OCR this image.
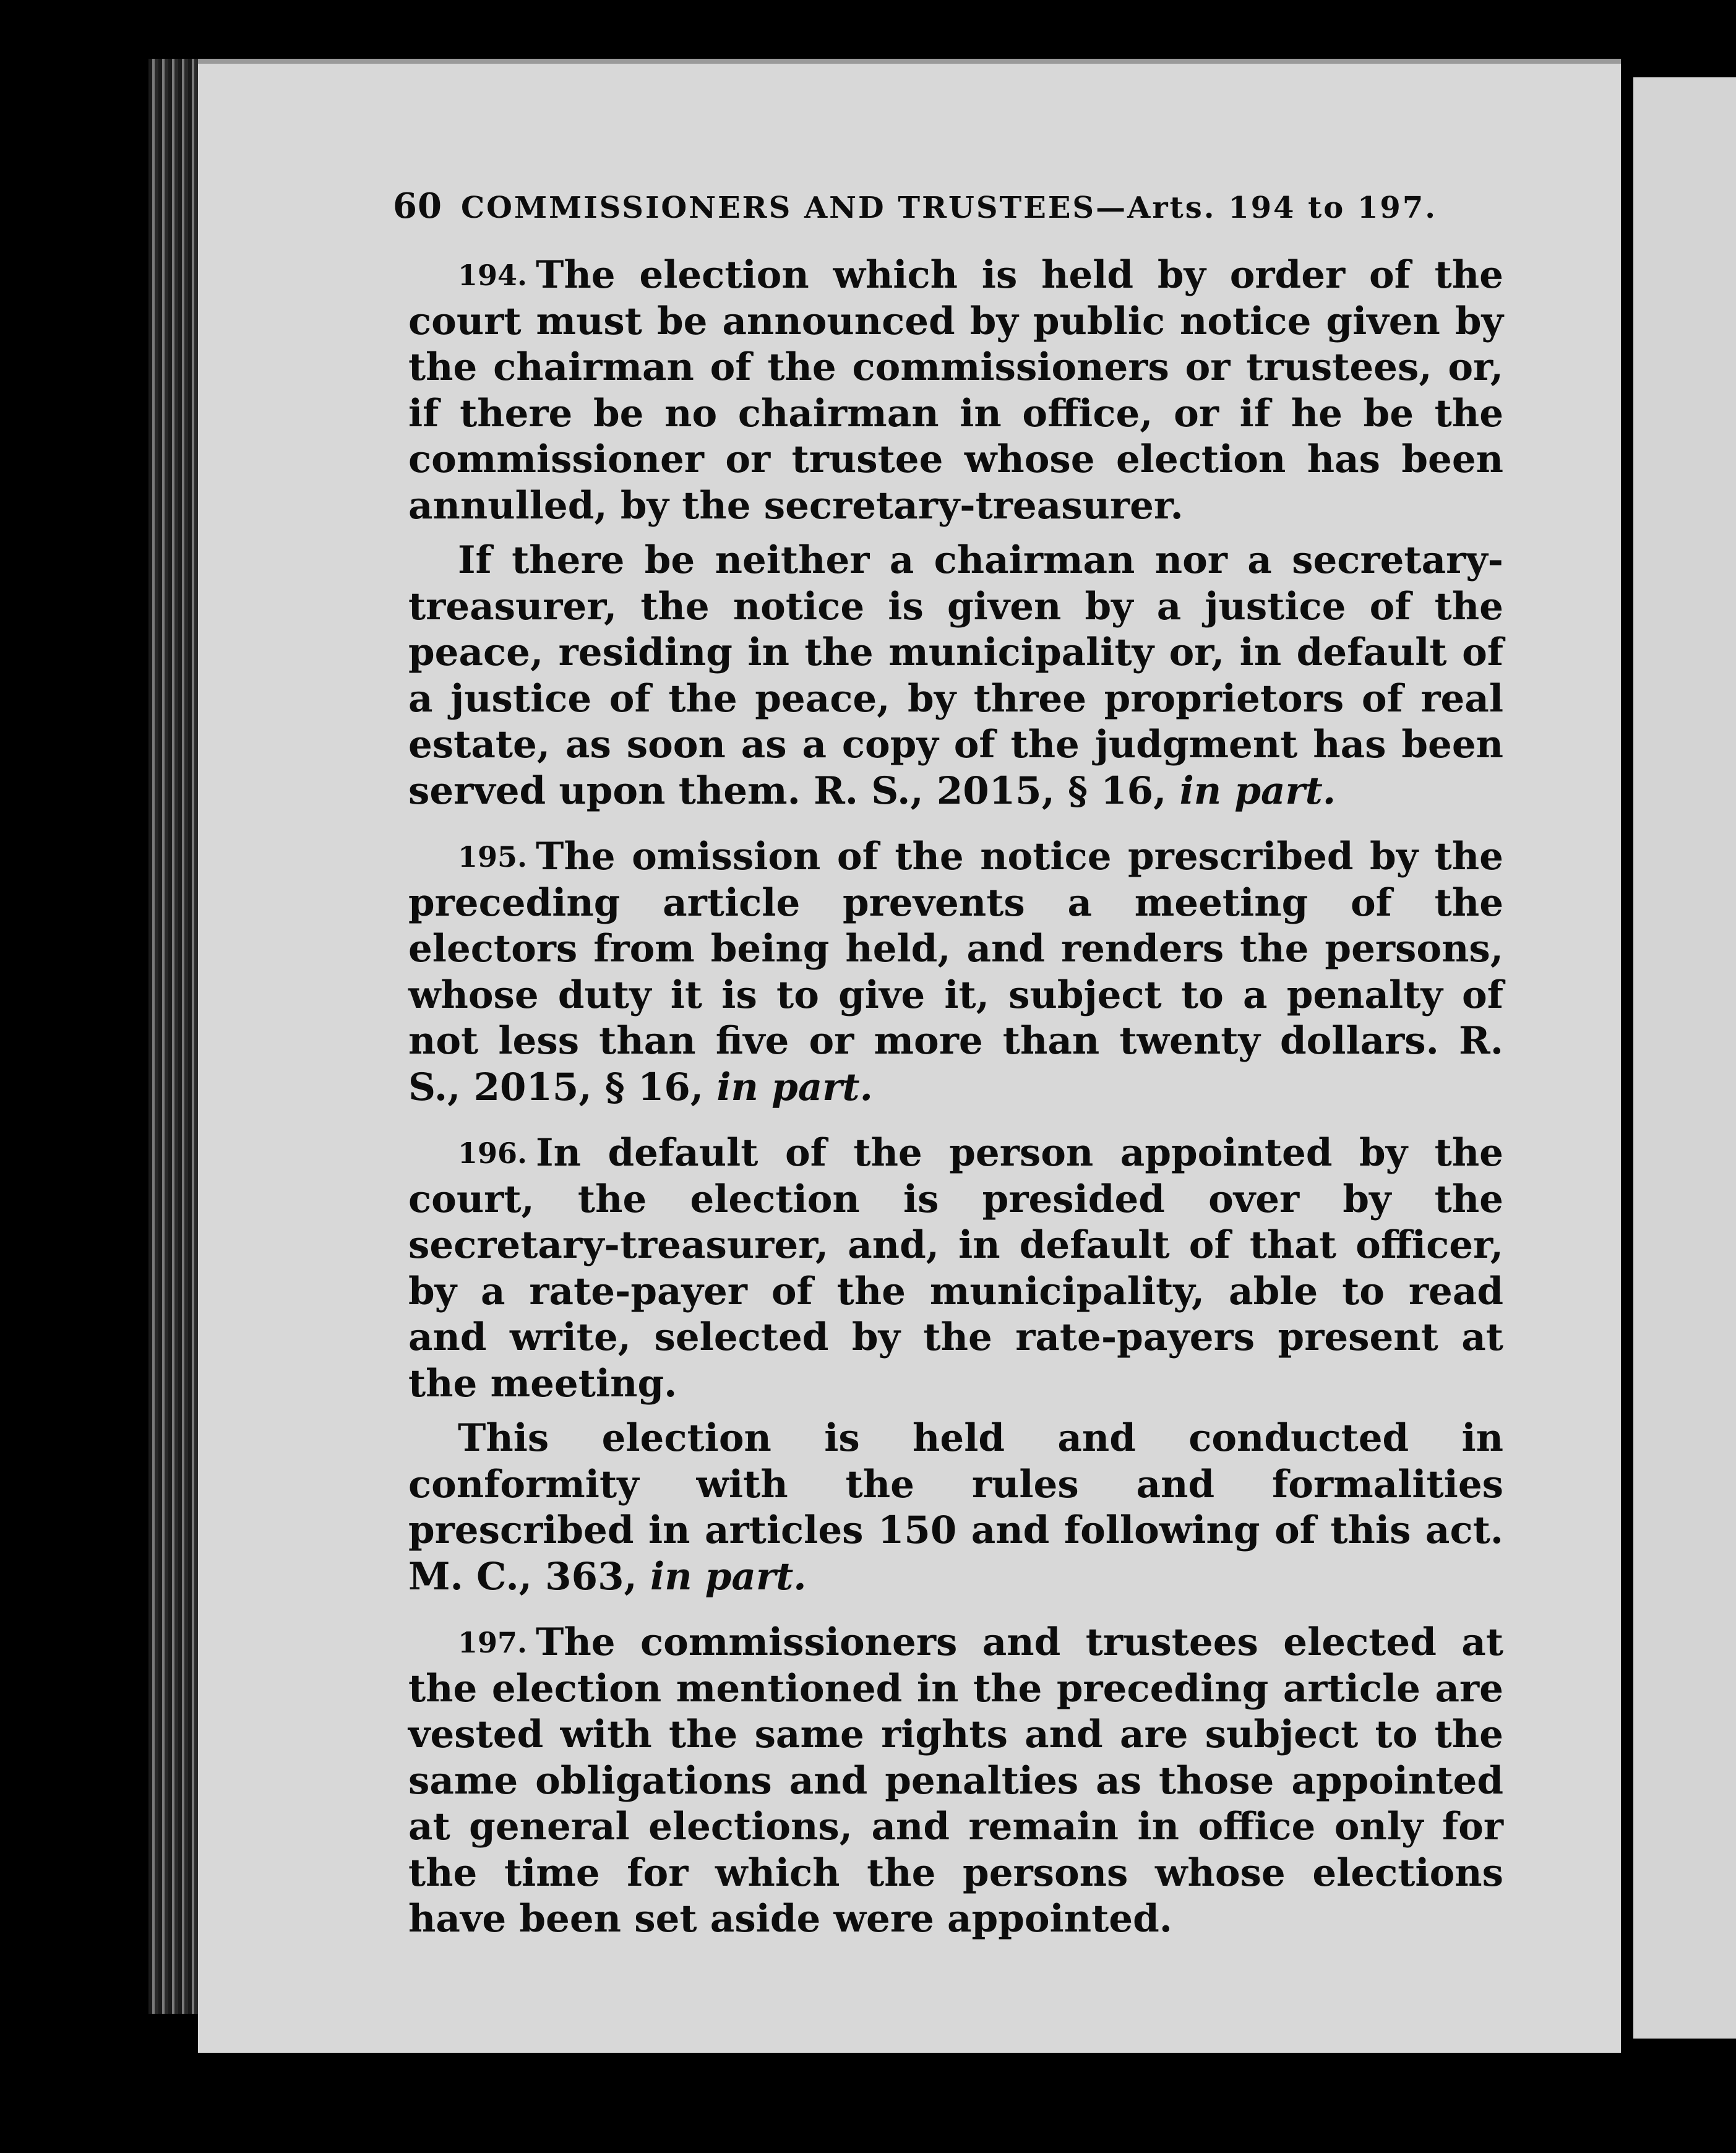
60 COMMISSIONERS AND TRUSTEES—Arts. 194 to 197.

194. The election which is held by order of the court must be announced by public notice given by the chairman of the commissioners or trustees, or, if there be no chairman in office, or if he be the commissioner or trustee whose election has been annulled, by the secretary-treasurer.

If there be neither a chairman nor a secretary-treasurer, the notice is given by a justice of the peace, residing in the municipality or, in default of a justice of the peace, by three proprietors of real estate, as soon as a copy of the judgment has been served upon them. R. S., 2015, § 16, in part.

195. The omission of the notice prescribed by the preceding article prevents a meeting of the electors from being held, and renders the persons, whose duty it is to give it, subject to a penalty of not less than five or more than twenty dollars. R. S., 2015, § 16, in part.

196. In default of the person appointed by the court, the election is presided over by the secretary-treasurer, and, in default of that officer, by a rate-payer of the municipality, able to read and write, selected by the rate-payers present at the meeting.

This election is held and conducted in conformity with the rules and formalities prescribed in articles 150 and following of this act. M. C., 363, in part.

197. The commissioners and trustees elected at the election mentioned in the preceding article are vested with the same rights and are subject to the same obligations and penalties as those appointed at general elections, and remain in office only for the time for which the persons whose elections have been set aside were appointed.
